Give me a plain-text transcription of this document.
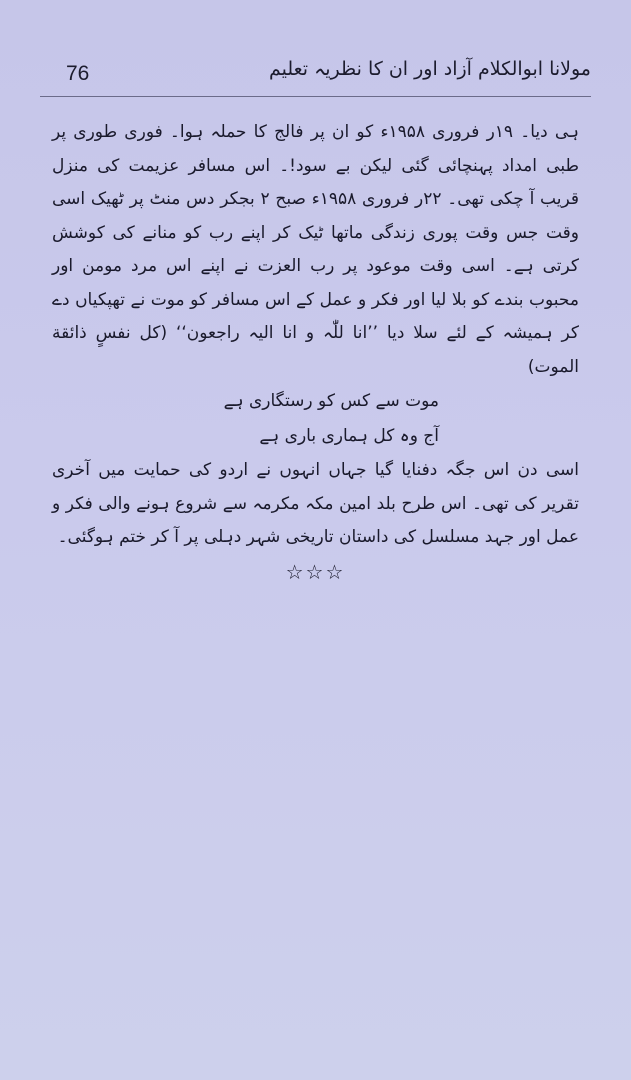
76	مولانا ابوالکلام آزاد اور ان کا نظریہ تعلیم

ہی دیا۔ ۱۹ر فروری ۱۹۵۸ء کو ان پر فالج کا حملہ ہوا۔ فوری طوری پر طبی امداد پہنچائی گئی لیکن بے سود!۔ اس مسافر عزیمت کی منزل قریب آ چکی تھی۔ ۲۲ر فروری ۱۹۵۸ء صبح ۲ بجکر دس منٹ پر ٹھیک اسی وقت جس وقت پوری زندگی ماتھا ٹیک کر اپنے رب کو منانے کی کوشش کرتی ہے۔ اسی وقت موعود پر رب العزت نے اپنے اس مرد مومن اور محبوب بندے کو بلا لیا اور فکر و عمل کے اس مسافر کو موت نے تھپکیاں دے کر ہمیشہ کے لئے سلا دیا ’’انا للّٰہ و انا الیہ راجعون‘‘ (کل نفسٍ ذائقة الموت)

موت سے کس کو رستگاری ہے
آج وہ کل ہماری باری ہے

اسی دن اس جگہ دفنایا گیا جہاں انہوں نے اردو کی حمایت میں آخری تقریر کی تھی۔ اس طرح بلد امین مکہ مکرمہ سے شروع ہونے والی فکر و عمل اور جہد مسلسل کی داستان تاریخی شہر دہلی پر آ کر ختم ہوگئی۔

☆☆☆
